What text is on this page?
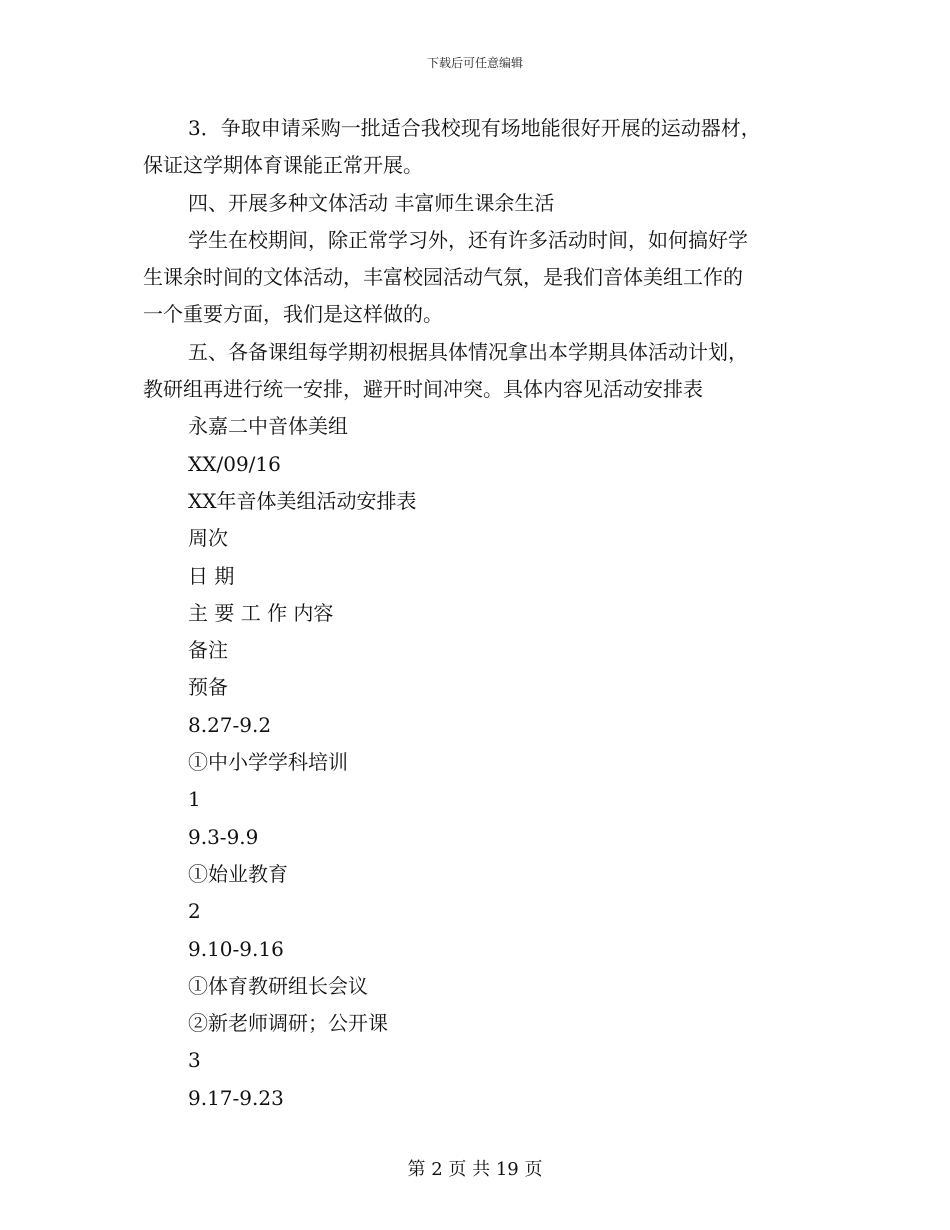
下载后可任意编辑

3．争取申请采购一批适合我校现有场地能很好开展的运动器材，
保证这学期体育课能正常开展。

四、开展多种文体活动 丰富师生课余生活

学生在校期间，除正常学习外，还有许多活动时间，如何搞好学
生课余时间的文体活动，丰富校园活动气氛，是我们音体美组工作的
一个重要方面，我们是这样做的。

五、各备课组每学期初根据具体情况拿出本学期具体活动计划，
教研组再进行统一安排，避开时间冲突。具体内容见活动安排表

永嘉二中音体美组
XX/09/16
XX年音体美组活动安排表
周次
日 期
主 要 工 作 内容
备注
预备
8.27-9.2
①中小学学科培训
1
9.3-9.9
①始业教育
2
9.10-9.16
①体育教研组长会议
②新老师调研；公开课
3
9.17-9.23
第 2 页 共 19 页
